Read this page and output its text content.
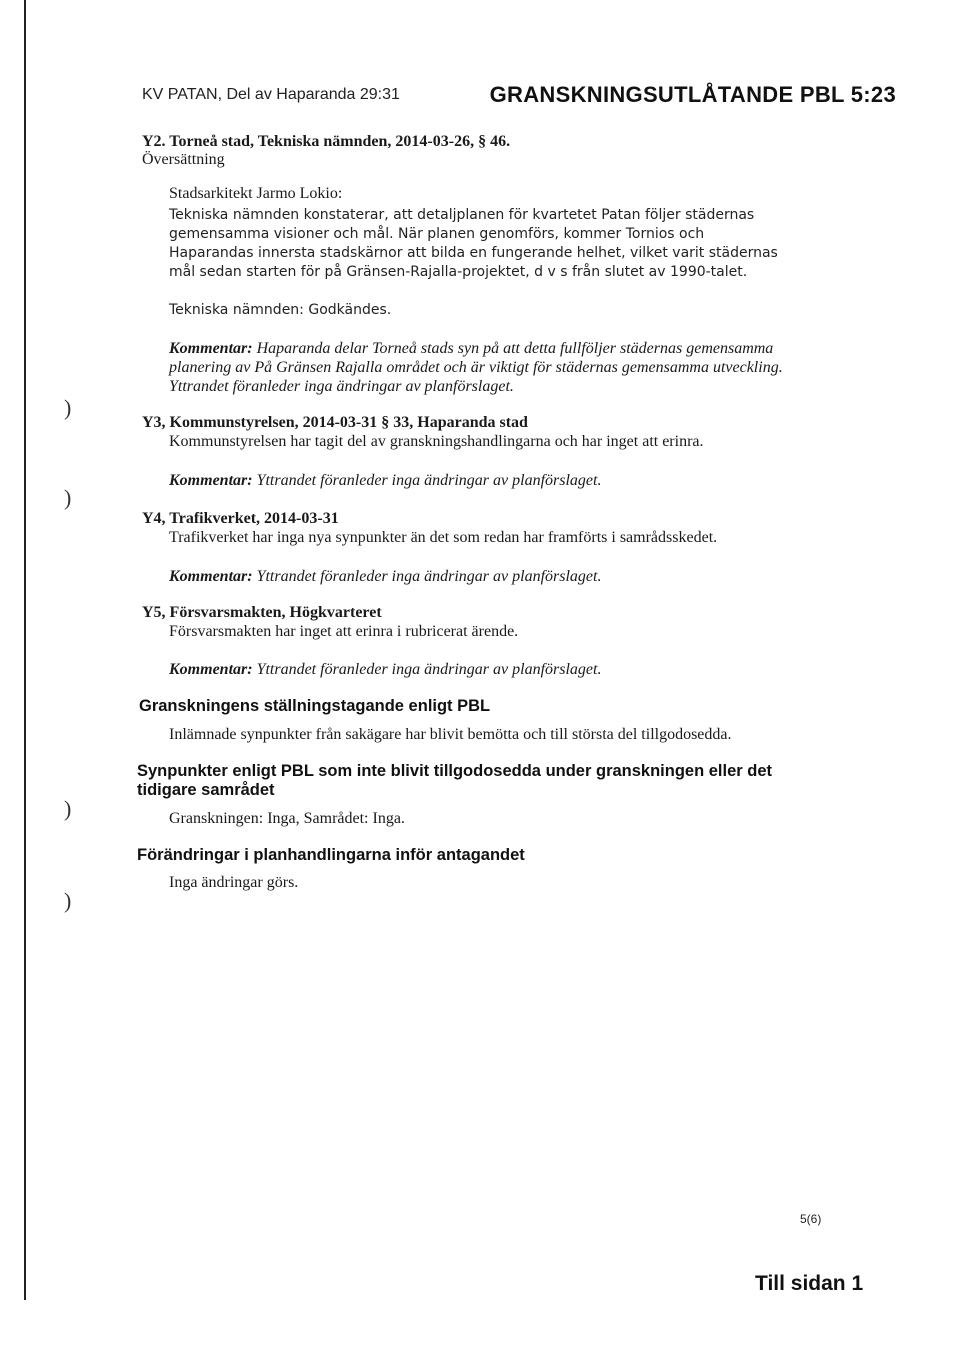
KV PATAN, Del av Haparanda 29:31	GRANSKNINGSUTLÅTANDE PBL 5:23

Y2. Torneå stad, Tekniska nämnden, 2014-03-26, § 46.

Översättning

Stadsarkitekt Jarmo Lokio:

Tekniska nämnden konstaterar, att detaljplanen för kvartetet Patan följer städernas

gemensamma visioner och mål. När planen genomförs, kommer Tornios och

Haparandas innersta stadskärnor att bilda en fungerande helhet, vilket varit städernas

mål sedan starten för på Gränsen-Rajalla-projektet, d v s från slutet av 1990-talet.

Tekniska nämnden: Godkändes.

Kommentar: Haparanda delar Torneå stads syn på att detta fullföljer städernas gemensamma

planering av På Gränsen Rajalla området och är viktigt för städernas gemensamma utveckling.

Yttrandet föranleder inga ändringar av planförslaget.

Y3, Kommunstyrelsen, 2014-03-31 § 33, Haparanda stad

Kommunstyrelsen har tagit del av granskningshandlingarna och har inget att erinra.

Kommentar: Yttrandet föranleder inga ändringar av planförslaget.

Y4, Trafikverket, 2014-03-31

Trafikverket har inga nya synpunkter än det som redan har framförts i samrådsskedet.

Kommentar: Yttrandet föranleder inga ändringar av planförslaget.

Y5, Försvarsmakten, Högkvarteret

Försvarsmakten har inget att erinra i rubricerat ärende.

Kommentar: Yttrandet föranleder inga ändringar av planförslaget.

Granskningens ställningstagande enligt PBL

Inlämnade synpunkter från sakägare har blivit bemötta och till största del tillgodosedda.

Synpunkter enligt PBL som inte blivit tillgodosedda under granskningen eller det

tidigare samrådet

Granskningen: Inga, Samrådet: Inga.

Förändringar i planhandlingarna inför antagandet

Inga ändringar görs.

)
)
)
)
5(6)
Till sidan 1
